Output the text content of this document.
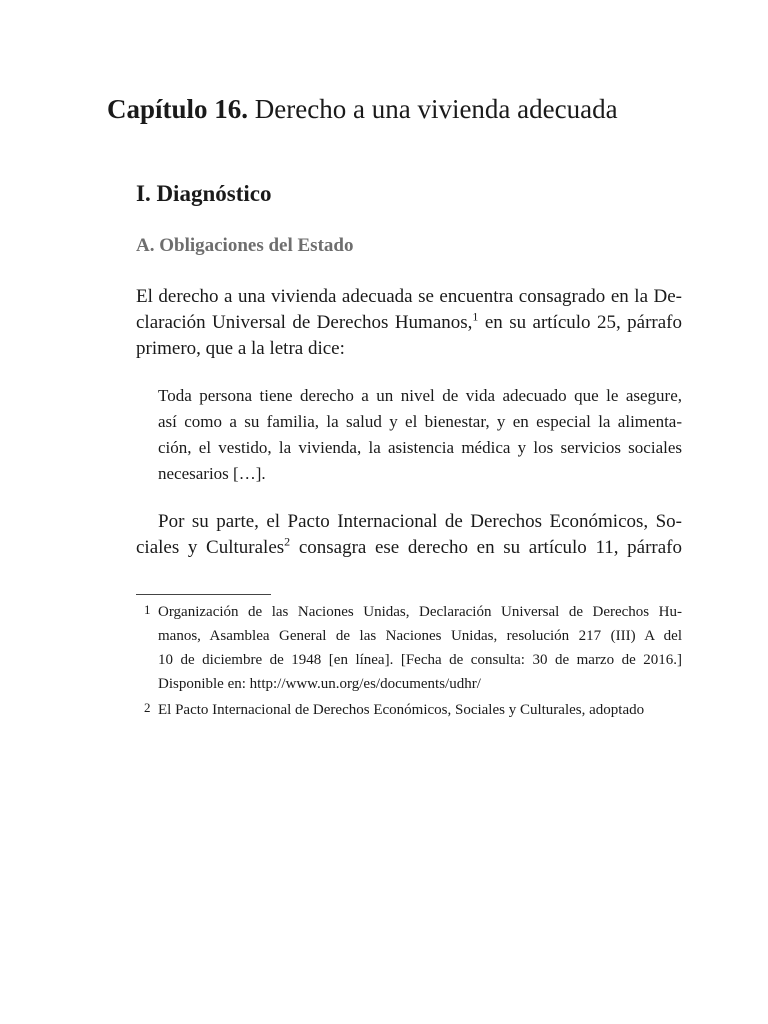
Capítulo 16. Derecho a una vivienda adecuada
I. Diagnóstico
A. Obligaciones del Estado

El derecho a una vivienda adecuada se encuentra consagrado en la De-
claración Universal de Derechos Humanos,$^1$ en su artículo 25, párrafo
primero, que a la letra dice:

Toda persona tiene derecho a un nivel de vida adecuado que le asegure,
así como a su familia, la salud y el bienestar, y en especial la alimenta-
ción, el vestido, la vivienda, la asistencia médica y los servicios sociales
necesarios […].

Por su parte, el Pacto Internacional de Derechos Económicos, So-
ciales y Culturales$^2$ consagra ese derecho en su artículo 11, párrafo

1 Organización de las Naciones Unidas, Declaración Universal de Derechos Hu-
manos, Asamblea General de las Naciones Unidas, resolución 217 (III) A del
10 de diciembre de 1948 [en línea]. [Fecha de consulta: 30 de marzo de 2016.]
Disponible en: http://www.un.org/es/documents/udhr/
2 El Pacto Internacional de Derechos Económicos, Sociales y Culturales, adoptado
